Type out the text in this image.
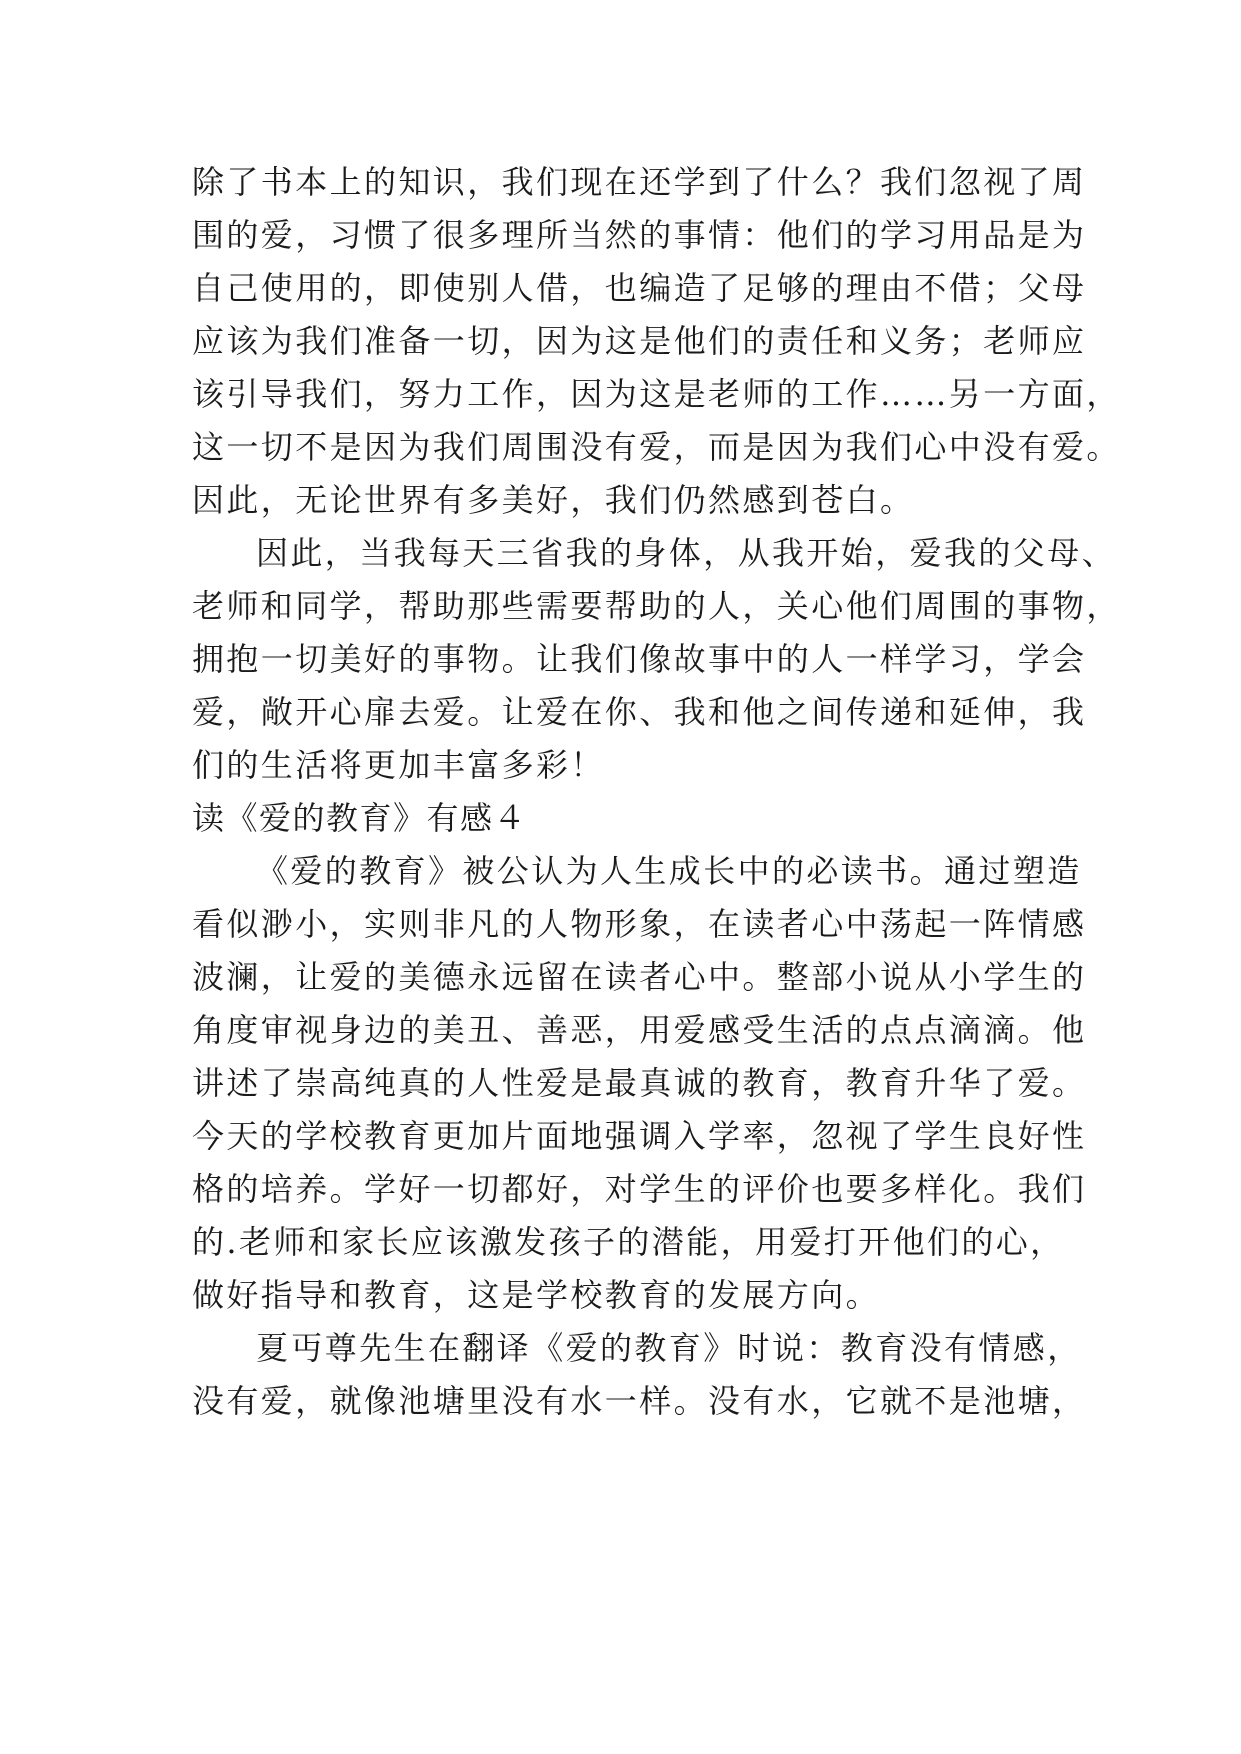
除了书本上的知识，我们现在还学到了什么？我们忽视了周

围的爱，习惯了很多理所当然的事情：他们的学习用品是为

自己使用的，即使别人借，也编造了足够的理由不借；父母

应该为我们准备一切，因为这是他们的责任和义务；老师应

该引导我们，努力工作，因为这是老师的工作……另一方面，

这一切不是因为我们周围没有爱，而是因为我们心中没有爱。

因此，无论世界有多美好，我们仍然感到苍白。

因此，当我每天三省我的身体，从我开始，爱我的父母、

老师和同学，帮助那些需要帮助的人，关心他们周围的事物，

拥抱一切美好的事物。让我们像故事中的人一样学习，学会

爱，敞开心扉去爱。让爱在你、我和他之间传递和延伸，我

们的生活将更加丰富多彩！

读《爱的教育》有感４

《爱的教育》被公认为人生成长中的必读书。通过塑造

看似渺小，实则非凡的人物形象，在读者心中荡起一阵情感

波澜，让爱的美德永远留在读者心中。整部小说从小学生的

角度审视身边的美丑、善恶，用爱感受生活的点点滴滴。他

讲述了崇高纯真的人性爱是最真诚的教育，教育升华了爱。

今天的学校教育更加片面地强调入学率，忽视了学生良好性

格的培养。学好一切都好，对学生的评价也要多样化。我们

的.老师和家长应该激发孩子的潜能，用爱打开他们的心，

做好指导和教育，这是学校教育的发展方向。

夏丏尊先生在翻译《爱的教育》时说：教育没有情感，

没有爱，就像池塘里没有水一样。没有水，它就不是池塘，
